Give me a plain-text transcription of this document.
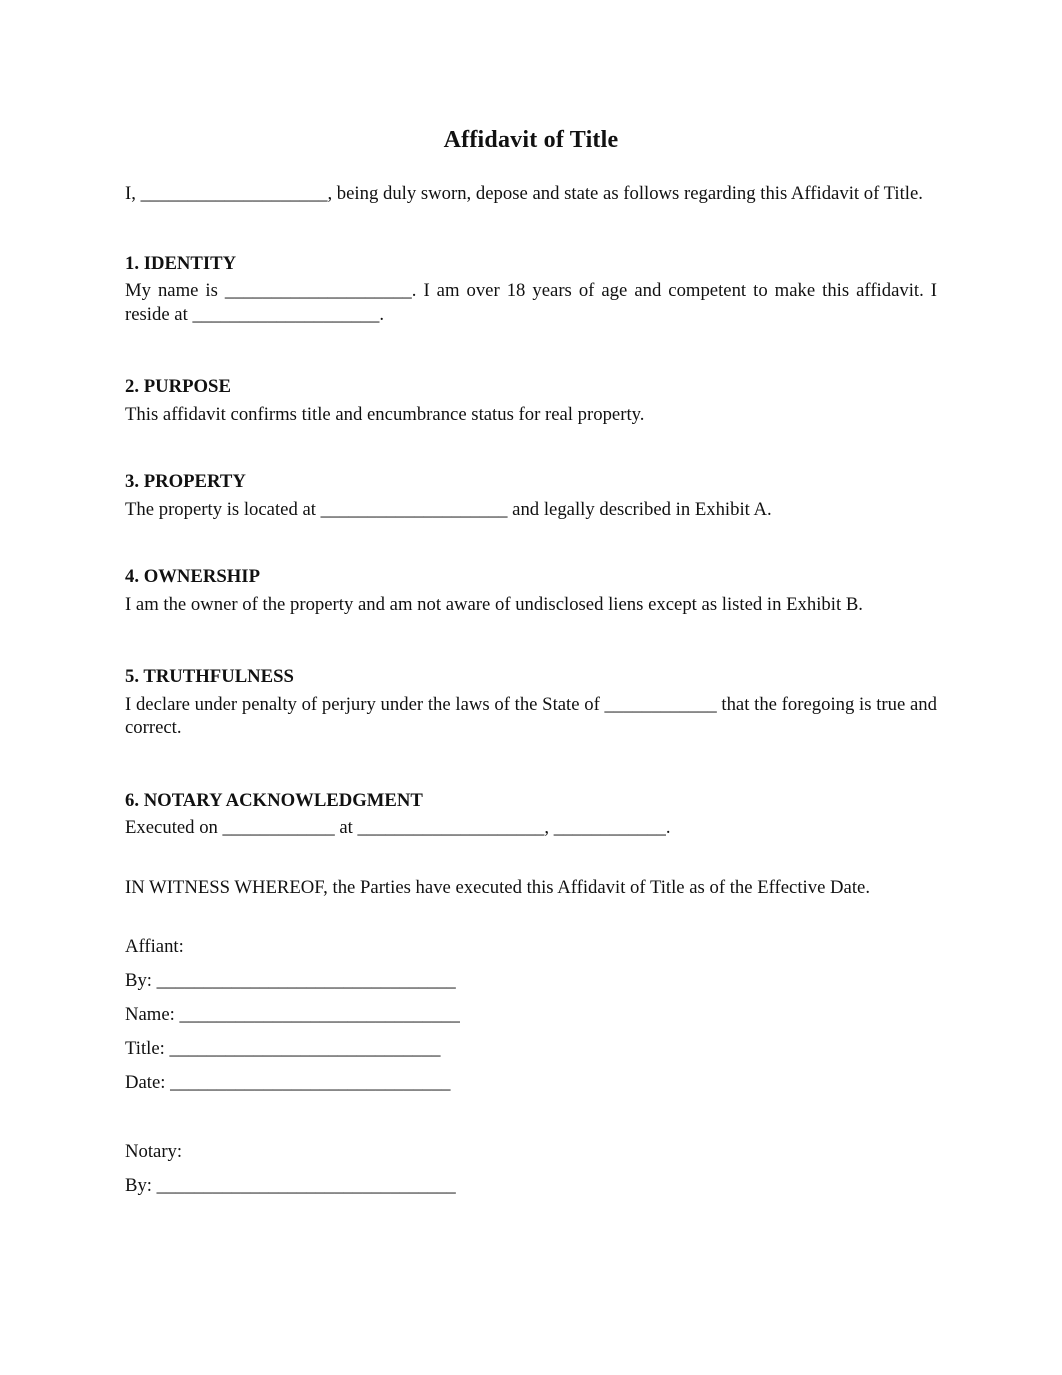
Affidavit of Title

I, ____________________, being duly sworn, depose and state as follows regarding this Affidavit of Title.

1. IDENTITY

My name is ____________________. I am over 18 years of age and competent to make this affidavit. I reside at ____________________.

2. PURPOSE

This affidavit confirms title and encumbrance status for real property.

3. PROPERTY

The property is located at ____________________ and legally described in Exhibit A.

4. OWNERSHIP

I am the owner of the property and am not aware of undisclosed liens except as listed in Exhibit B.

5. TRUTHFULNESS

I declare under penalty of perjury under the laws of the State of ____________ that the foregoing is true and correct.

6. NOTARY ACKNOWLEDGMENT

Executed on ____________ at ____________________, ____________.

IN WITNESS WHEREOF, the Parties have executed this Affidavit of Title as of the Effective Date.

Affiant:

By: ________________________________

Name: ______________________________

Title: _____________________________

Date: ______________________________

Notary:

By: ________________________________
